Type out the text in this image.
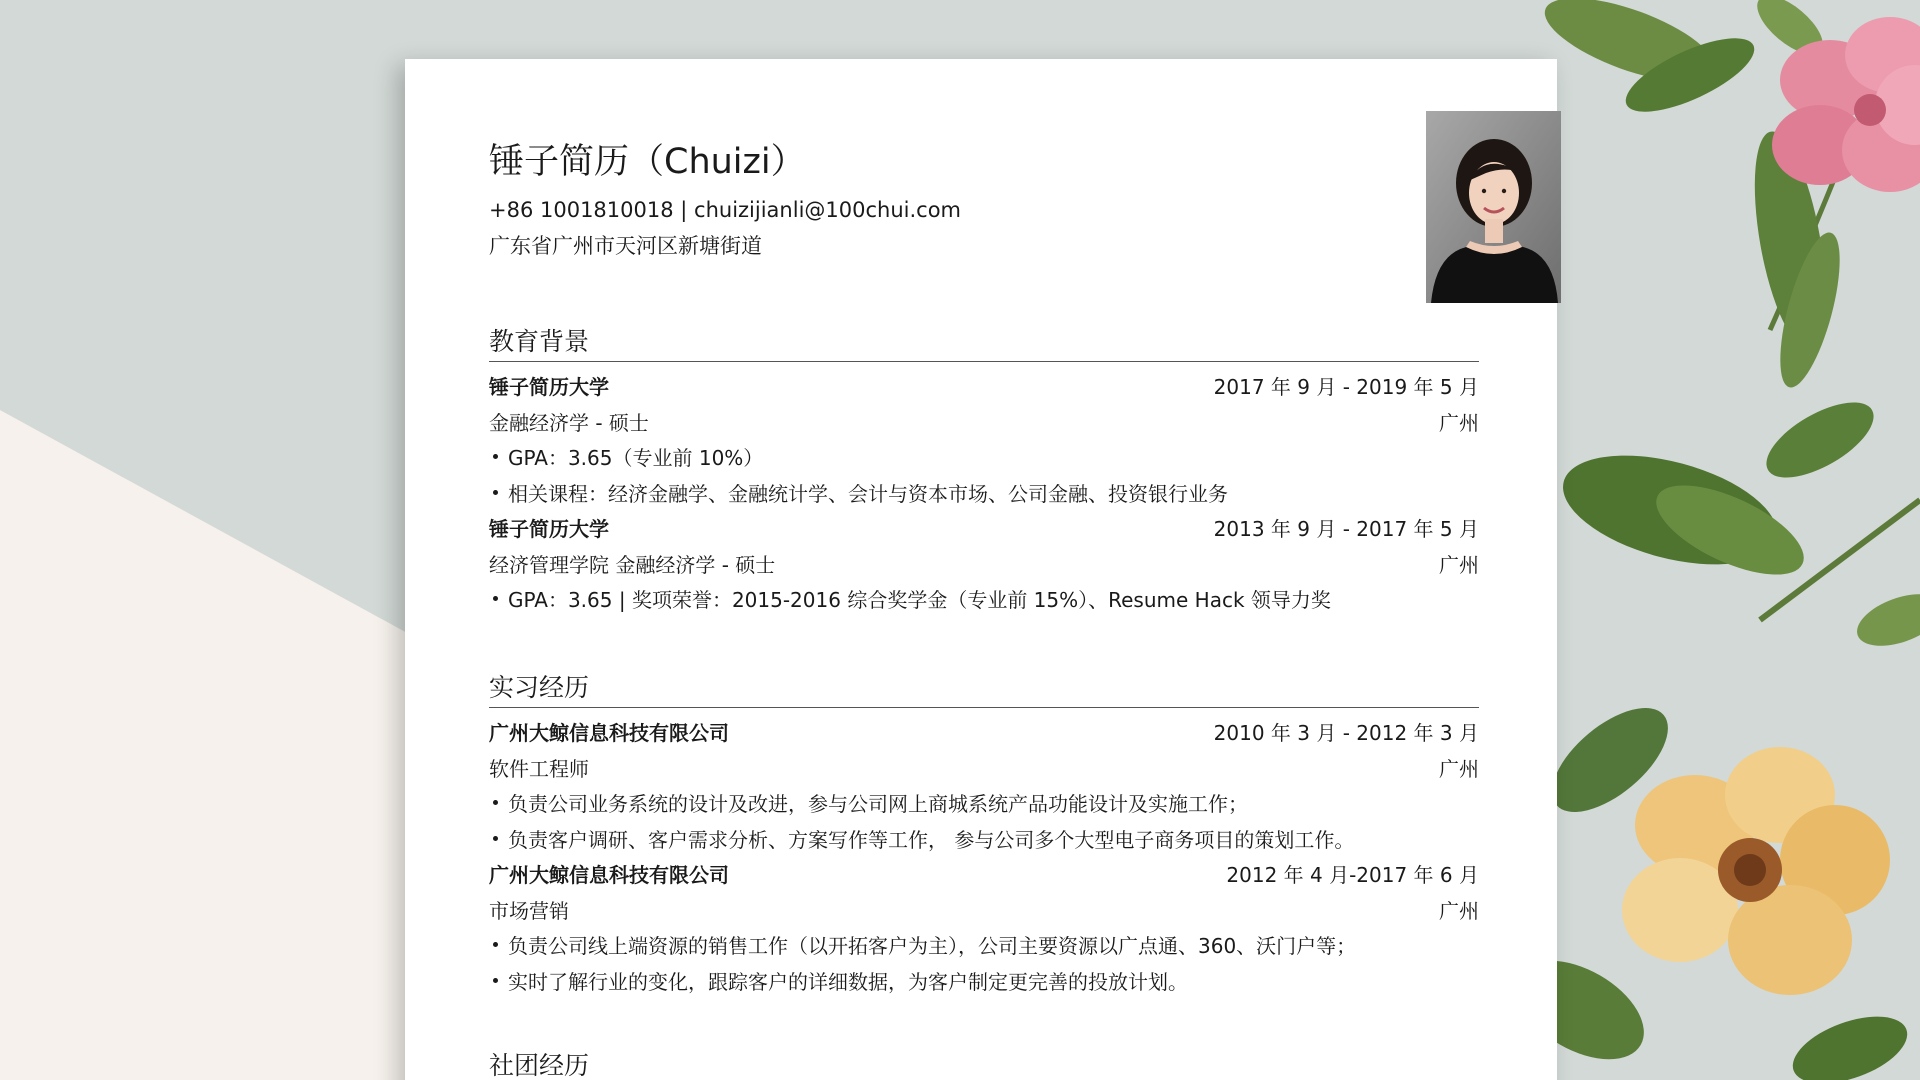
锤子简历（Chuizi）
+86 1001810018 | chuizijianli@100chui.com
广东省广州市天河区新塘街道
教育背景
锤子简历大学	2017 年 9 月 - 2019 年 5 月
金融经济学 - 硕士	广州
GPA：3.65（专业前 10%）
相关课程：经济金融学、金融统计学、会计与资本市场、公司金融、投资银行业务
锤子简历大学	2013 年 9 月 - 2017 年 5 月
经济管理学院 金融经济学 - 硕士	广州
GPA：3.65 | 奖项荣誉：2015-2016 综合奖学金（专业前 15%）、Resume Hack 领导力奖
实习经历
广州大鲸信息科技有限公司	2010 年 3 月 - 2012 年 3 月
软件工程师	广州
负责公司业务系统的设计及改进，参与公司网上商城系统产品功能设计及实施工作；
负责客户调研、客户需求分析、方案写作等工作， 参与公司多个大型电子商务项目的策划工作。
广州大鲸信息科技有限公司	2012 年 4 月-2017 年 6 月
市场营销	广州
负责公司线上端资源的销售工作（以开拓客户为主），公司主要资源以广点通、360、沃门户等；
实时了解行业的变化，跟踪客户的详细数据，为客户制定更完善的投放计划。
社团经历
